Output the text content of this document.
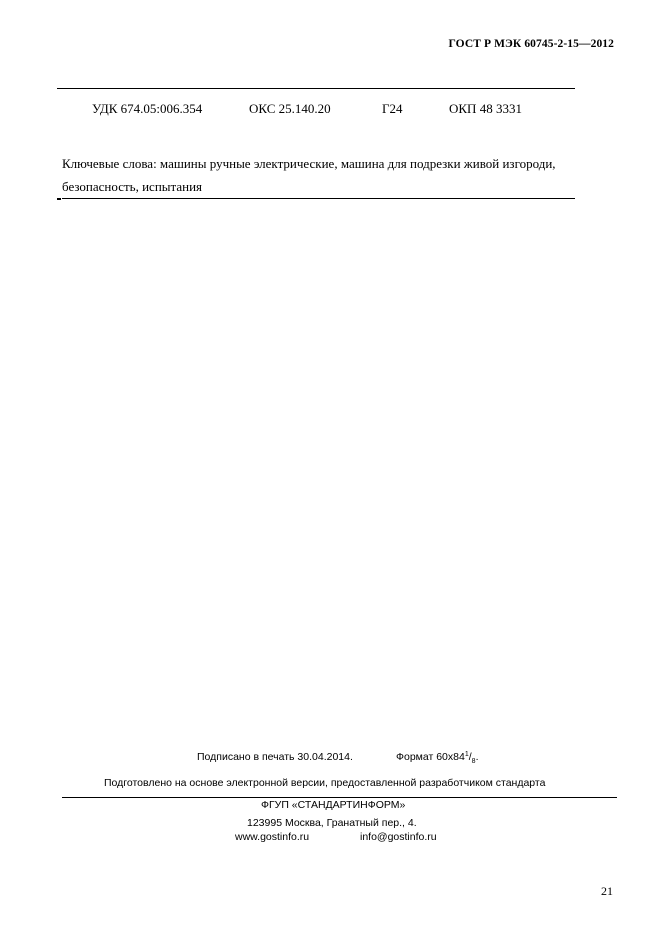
ГОСТ Р МЭК 60745-2-15—2012
УДК 674.05:006.354	ОКС 25.140.20	Г24	ОКП 48 3331
Ключевые слова: машины ручные электрические, машина для подрезки живой изгороди, безопасность, испытания
Подписано в печать 30.04.2014.	Формат $60x84^1/_8$.
Подготовлено на основе электронной версии, предоставленной разработчиком стандарта
ФГУП «СТАНДАРТИНФОРМ»
123995 Москва, Гранатный пер., 4.
www.gostinfo.ru	info@gostinfo.ru
21
